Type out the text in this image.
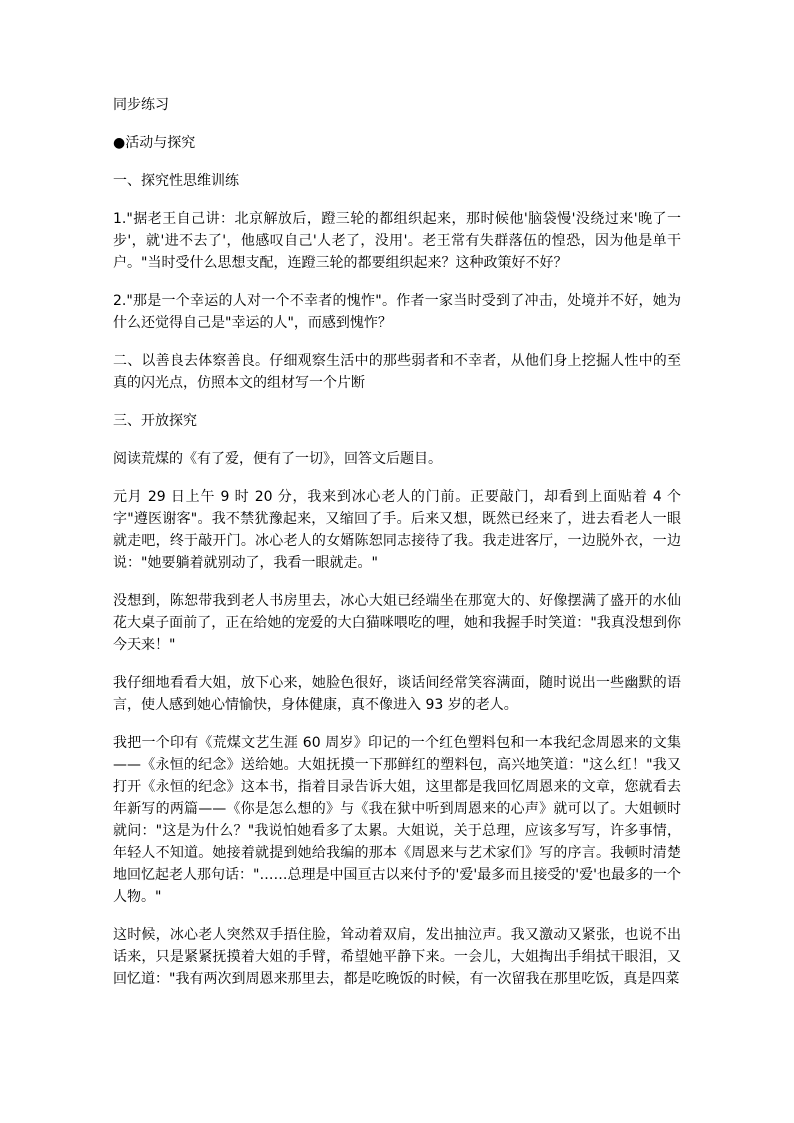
同步练习

●活动与探究

一、探究性思维训练

1."据老王自己讲：北京解放后，蹬三轮的都组织起来，那时候他'脑袋慢'没绕过来'晚了一步'，就'进不去了'，他感叹自己'人老了，没用'。老王常有失群落伍的惶恐，因为他是单干户。"当时受什么思想支配，连蹬三轮的都要组织起来？这种政策好不好？

2."那是一个幸运的人对一个不幸者的愧怍"。作者一家当时受到了冲击，处境并不好，她为什么还觉得自己是"幸运的人"，而感到愧怍？

二、以善良去体察善良。仔细观察生活中的那些弱者和不幸者，从他们身上挖掘人性中的至真的闪光点，仿照本文的组材写一个片断

三、开放探究

阅读荒煤的《有了爱，便有了一切》，回答文后题目。

元月 29 日上午 9 时 20 分，我来到冰心老人的门前。正要敲门，却看到上面贴着 4 个字"遵医谢客"。我不禁犹豫起来，又缩回了手。后来又想，既然已经来了，进去看老人一眼就走吧，终于敲开门。冰心老人的女婿陈恕同志接待了我。我走进客厅，一边脱外衣，一边说："她要躺着就别动了，我看一眼就走。"

没想到，陈恕带我到老人书房里去，冰心大姐已经端坐在那宽大的、好像摆满了盛开的水仙花大桌子面前了，正在给她的宠爱的大白猫咪喂吃的哩，她和我握手时笑道："我真没想到你今天来！"

我仔细地看看大姐，放下心来，她脸色很好，谈话间经常笑容满面，随时说出一些幽默的语言，使人感到她心情愉快，身体健康，真不像进入 93 岁的老人。

我把一个印有《荒煤文艺生涯 60 周岁》印记的一个红色塑料包和一本我纪念周恩来的文集——《永恒的纪念》送给她。大姐抚摸一下那鲜红的塑料包，高兴地笑道："这么红！"我又打开《永恒的纪念》这本书，指着目录告诉大姐，这里都是我回忆周恩来的文章，您就看去年新写的两篇——《你是怎么想的》与《我在狱中听到周恩来的心声》就可以了。大姐顿时就问："这是为什么？"我说怕她看多了太累。大姐说，关于总理，应该多写写，许多事情，年轻人不知道。她接着就提到她给我编的那本《周恩来与艺术家们》写的序言。我顿时清楚地回忆起老人那句话："……总理是中国亘古以来付予的'爱'最多而且接受的'爱'也最多的一个人物。"

这时候，冰心老人突然双手捂住脸，耸动着双肩，发出抽泣声。我又激动又紧张，也说不出话来，只是紧紧抚摸着大姐的手臂，希望她平静下来。一会儿，大姐掏出手绢拭干眼泪，又回忆道："我有两次到周恩来那里去，都是吃晚饭的时候，有一次留我在那里吃饭，真是四菜
